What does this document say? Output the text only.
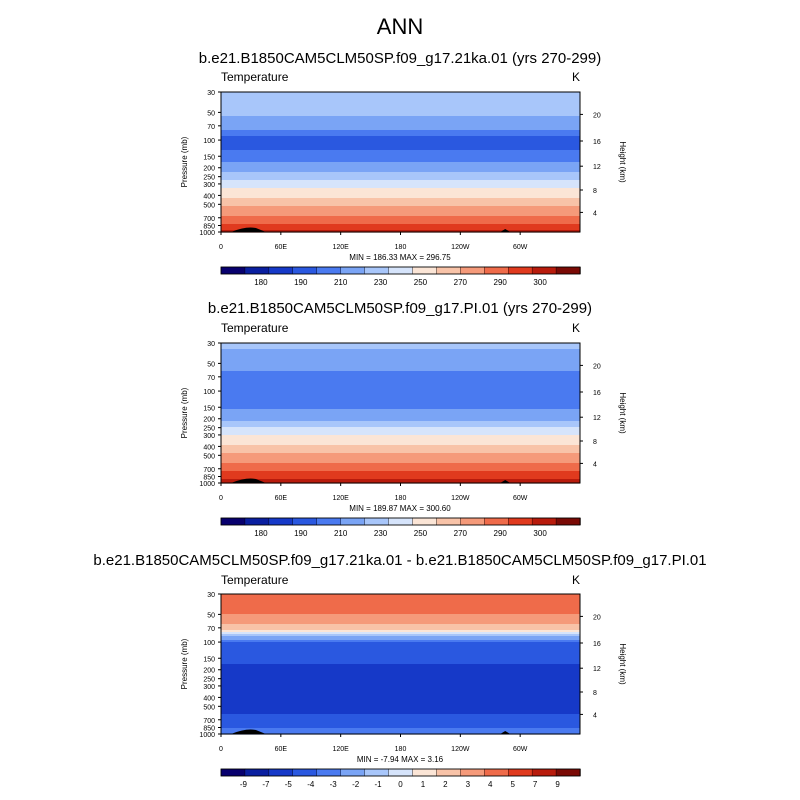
ANN
b.e21.B1850CAM5CLM50SP.f09_g17.21ka.01 (yrs 270-299)
Temperature	K
30
50
70
100
150
200
250
300
400
500
700
850
1000
20
16
12
8
4
0	60E	120E	180	120W	60W
Pressure (mb)	Height (km)
MIN = 186.33 MAX = 296.75
180	190	210	230	250	270	290	300
b.e21.B1850CAM5CLM50SP.f09_g17.PI.01 (yrs 270-299)
Temperature	K
30
50
70
100
150
200
250
300
400
500
700
850
1000
20
16
12
8
4
0	60E	120E	180	120W	60W
Pressure (mb)	Height (km)
MIN = 189.87 MAX = 300.60
180	190	210	230	250	270	290	300
b.e21.B1850CAM5CLM50SP.f09_g17.21ka.01 - b.e21.B1850CAM5CLM50SP.f09_g17.PI.01
Temperature	K
30
50
70
100
150
200
250
300
400
500
700
850
1000
20
16
12
8
4
0	60E	120E	180	120W	60W
Pressure (mb)	Height (km)
MIN = -7.94 MAX = 3.16
-9 -7 -5 -4 -3 -2 -1 0 1 2 3 4 5 7 9
